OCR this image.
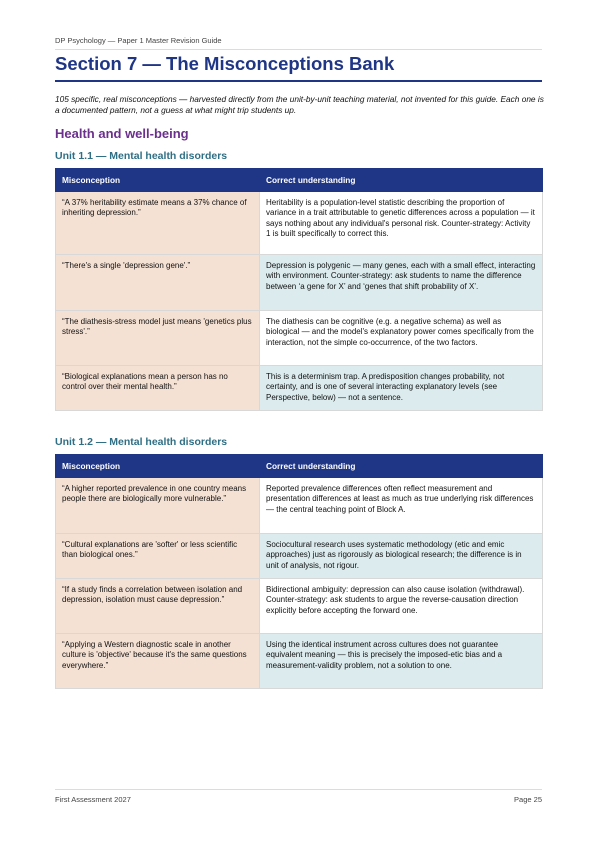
DP Psychology — Paper 1 Master Revision Guide
Section 7 — The Misconceptions Bank
105 specific, real misconceptions — harvested directly from the unit-by-unit teaching material, not invented for this guide. Each one is a documented pattern, not a guess at what might trip students up.
Health and well-being
Unit 1.1 — Mental health disorders
Misconception	Correct understanding
“A 37% heritability estimate means a 37% chance of inheriting depression.”	Heritability is a population-level statistic describing the proportion of variance in a trait attributable to genetic differences across a population — it says nothing about any individual's personal risk. Counter-strategy: Activity 1 is built specifically to correct this.
“There's a single 'depression gene'.”	Depression is polygenic — many genes, each with a small effect, interacting with environment. Counter-strategy: ask students to name the difference between ‘a gene for X’ and ‘genes that shift probability of X’.
“The diathesis-stress model just means 'genetics plus stress'.”	The diathesis can be cognitive (e.g. a negative schema) as well as biological — and the model's explanatory power comes specifically from the interaction, not the simple co-occurrence, of the two factors.
“Biological explanations mean a person has no control over their mental health.”	This is a determinism trap. A predisposition changes probability, not certainty, and is one of several interacting explanatory levels (see Perspective, below) — not a sentence.
Unit 1.2 — Mental health disorders
Misconception	Correct understanding
“A higher reported prevalence in one country means people there are biologically more vulnerable.”	Reported prevalence differences often reflect measurement and presentation differences at least as much as true underlying risk differences — the central teaching point of Block A.
“Cultural explanations are 'softer' or less scientific than biological ones.”	Sociocultural research uses systematic methodology (etic and emic approaches) just as rigorously as biological research; the difference is in unit of analysis, not rigour.
“If a study finds a correlation between isolation and depression, isolation must cause depression.”	Bidirectional ambiguity: depression can also cause isolation (withdrawal). Counter-strategy: ask students to argue the reverse-causation direction explicitly before accepting the forward one.
“Applying a Western diagnostic scale in another culture is 'objective' because it's the same questions everywhere.”	Using the identical instrument across cultures does not guarantee equivalent meaning — this is precisely the imposed-etic bias and a measurement-validity problem, not a solution to one.
First Assessment 2027	Page 25
